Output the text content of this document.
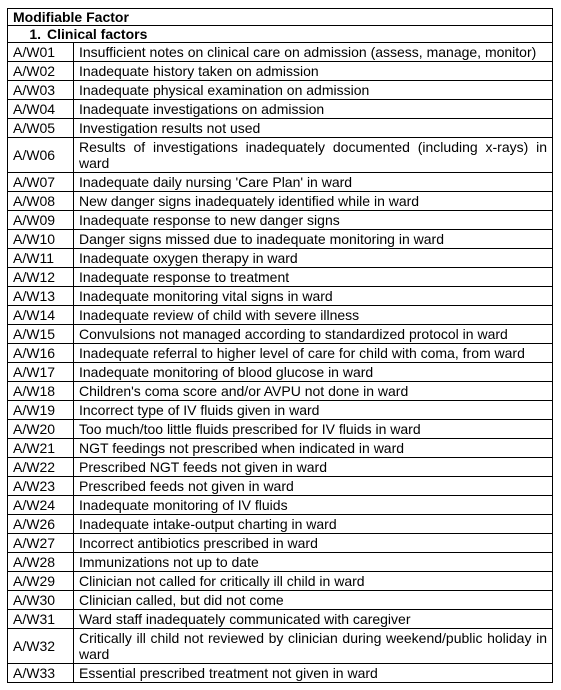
Modifiable Factor	
1. Clinical factors	
A/W01	Insufficient notes on clinical care on admission (assess, manage, monitor)
A/W02	Inadequate history taken on admission
A/W03	Inadequate physical examination on admission
A/W04	Inadequate investigations on admission
A/W05	Investigation results not used
A/W06	Results of investigations inadequately documented (including x-rays) in ward
A/W07	Inadequate daily nursing 'Care Plan' in ward
A/W08	New danger signs inadequately identified while in ward
A/W09	Inadequate response to new danger signs
A/W10	Danger signs missed due to inadequate monitoring in ward
A/W11	Inadequate oxygen therapy in ward
A/W12	Inadequate response to treatment
A/W13	Inadequate monitoring vital signs in ward
A/W14	Inadequate review of child with severe illness
A/W15	Convulsions not managed according to standardized protocol in ward
A/W16	Inadequate referral to higher level of care for child with coma, from ward
A/W17	Inadequate monitoring of blood glucose in ward
A/W18	Children's coma score and/or AVPU not done in ward
A/W19	Incorrect type of IV fluids given in ward
A/W20	Too much/too little fluids prescribed for IV fluids in ward
A/W21	NGT feedings not prescribed when indicated in ward
A/W22	Prescribed NGT feeds not given in ward
A/W23	Prescribed feeds not given in ward
A/W24	Inadequate monitoring of IV fluids
A/W26	Inadequate intake-output charting in ward
A/W27	Incorrect antibiotics prescribed in ward
A/W28	Immunizations not up to date
A/W29	Clinician not called for critically ill child in ward
A/W30	Clinician called, but did not come
A/W31	Ward staff inadequately communicated with caregiver
A/W32	Critically ill child not reviewed by clinician during weekend/public holiday in ward
A/W33	Essential prescribed treatment not given in ward
